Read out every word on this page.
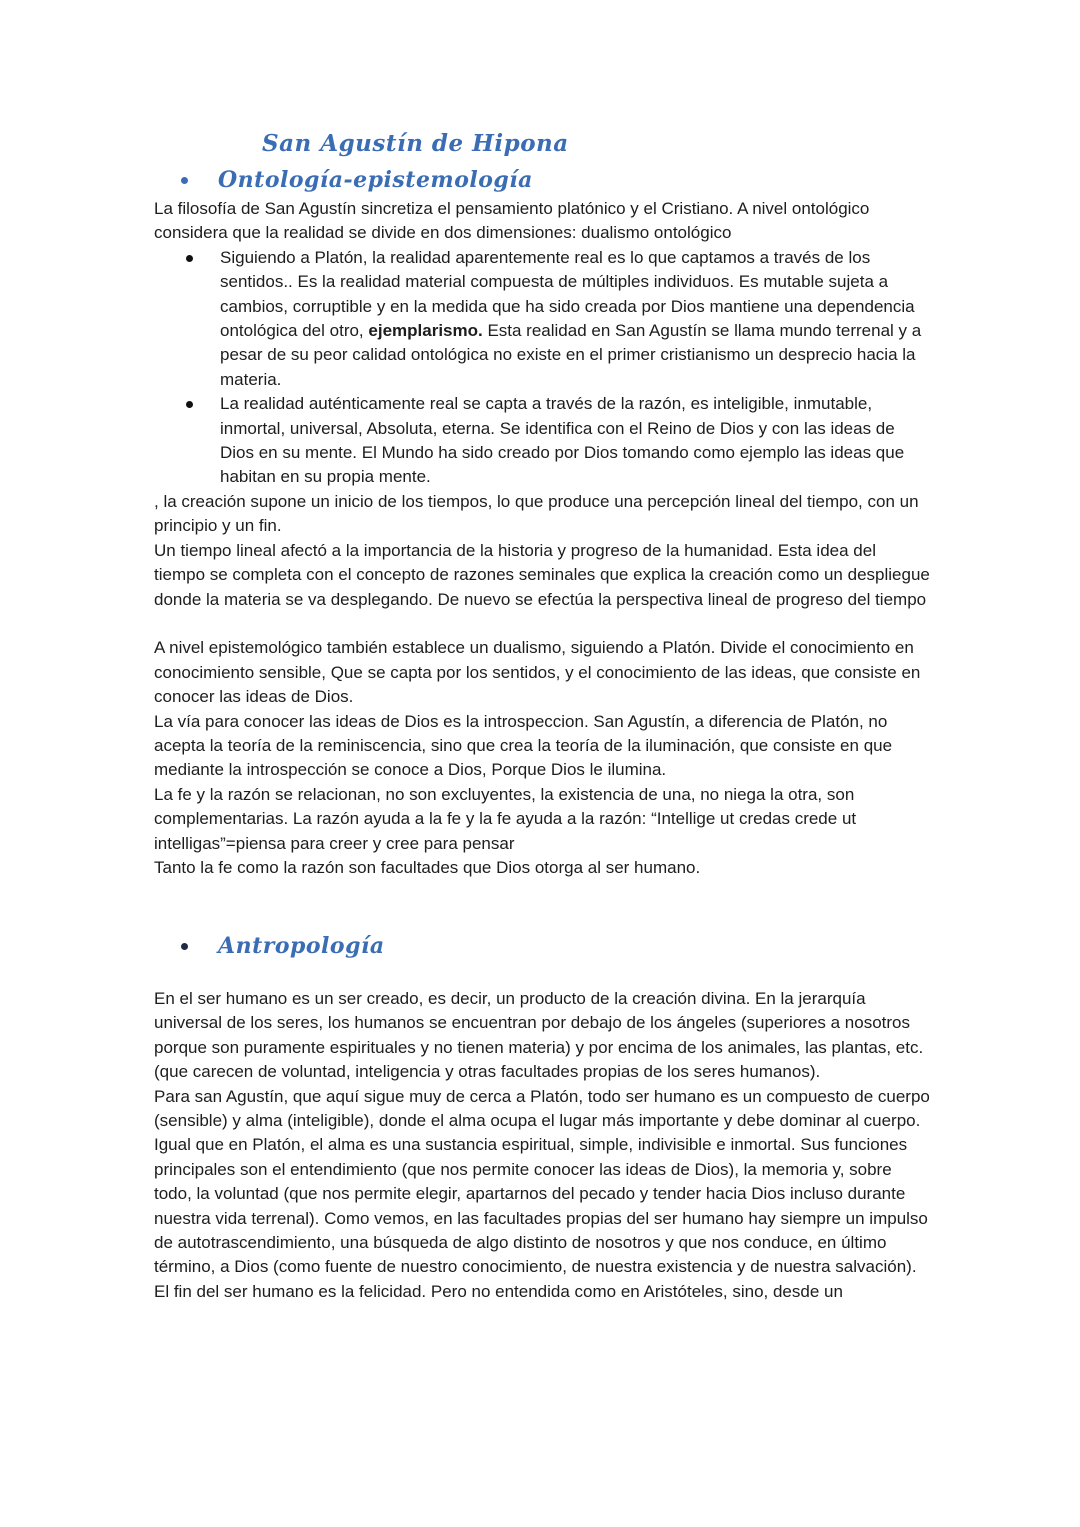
San Agustín de Hipona
Ontología-epistemología

La filosofía de San Agustín sincretiza el pensamiento platónico y el Cristiano. A nivel ontológico considera que la realidad se divide en dos dimensiones: dualismo ontológico

Siguiendo a Platón, la realidad aparentemente real es lo que captamos a través de los sentidos.. Es la realidad material compuesta de múltiples individuos. Es mutable sujeta a cambios, corruptible y en la medida que ha sido creada por Dios mantiene una dependencia ontológica del otro, ejemplarismo. Esta realidad en San Agustín se llama mundo terrenal y a pesar de su peor calidad ontológica no existe en el primer cristianismo un desprecio hacia la materia.
La realidad auténticamente real se capta a través de la razón, es inteligible, inmutable, inmortal, universal, Absoluta, eterna. Se identifica con el Reino de Dios y con las ideas de Dios en su mente. El Mundo ha sido creado por Dios tomando como ejemplo las ideas que habitan en su propia mente.

, la creación supone un inicio de los tiempos, lo que produce una percepción lineal del tiempo, con un principio y un fin.

Un tiempo lineal afectó a la importancia de la historia y progreso de la humanidad. Esta idea del tiempo se completa con el concepto de razones seminales que explica la creación como un despliegue donde la materia se va desplegando. De nuevo se efectúa la perspectiva lineal de progreso del tiempo

A nivel epistemológico también establece un dualismo, siguiendo a Platón. Divide el conocimiento en conocimiento sensible, Que se capta por los sentidos, y el conocimiento de las ideas, que consiste en conocer las ideas de Dios.

La vía para conocer las ideas de Dios es la introspeccion. San Agustín, a diferencia de Platón, no acepta la teoría de la reminiscencia, sino que crea la teoría de la iluminación, que consiste en que mediante la introspección se conoce a Dios, Porque Dios le ilumina.

La fe y la razón se relacionan, no son excluyentes, la existencia de una, no niega la otra, son complementarias. La razón ayuda a la fe y la fe ayuda a la razón: “Intellige ut credas crede ut intelligas”=piensa para creer y cree para pensar

Tanto la fe como la razón son facultades que Dios otorga al ser humano.

Antropología

En el ser humano es un ser creado, es decir, un producto de la creación divina. En la jerarquía universal de los seres, los humanos se encuentran por debajo de los ángeles (superiores a nosotros porque son puramente espirituales y no tienen materia) y por encima de los animales, las plantas, etc. (que carecen de voluntad, inteligencia y otras facultades propias de los seres humanos).

Para san Agustín, que aquí sigue muy de cerca a Platón, todo ser humano es un compuesto de cuerpo (sensible) y alma (inteligible), donde el alma ocupa el lugar más importante y debe dominar al cuerpo. Igual que en Platón, el alma es una sustancia espiritual, simple, indivisible e inmortal. Sus funciones principales son el entendimiento (que nos permite conocer las ideas de Dios), la memoria y, sobre todo, la voluntad (que nos permite elegir, apartarnos del pecado y tender hacia Dios incluso durante nuestra vida terrenal). Como vemos, en las facultades propias del ser humano hay siempre un impulso de autotrascendimiento, una búsqueda de algo distinto de nosotros y que nos conduce, en último término, a Dios (como fuente de nuestro conocimiento, de nuestra existencia y de nuestra salvación).

El fin del ser humano es la felicidad. Pero no entendida como en Aristóteles, sino, desde un
